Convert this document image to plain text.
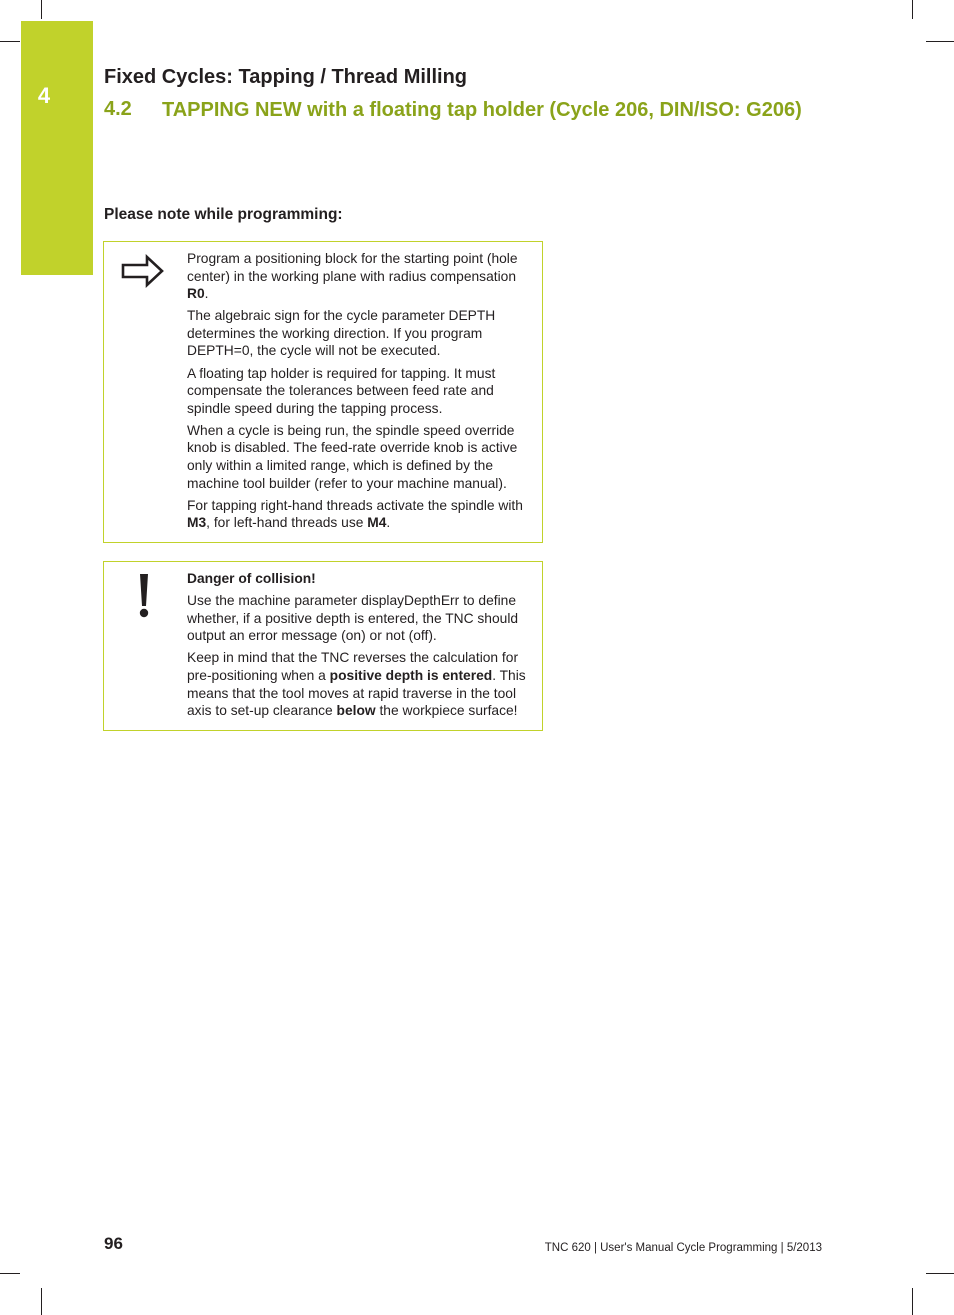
4
Fixed Cycles: Tapping / Thread Milling
4.2 TAPPING NEW with a floating tap holder (Cycle 206, DIN/ISO: G206)
Please note while programming:

Program a positioning block for the starting point (hole center) in the working plane with radius compensation R0.

The algebraic sign for the cycle parameter DEPTH determines the working direction. If you program DEPTH=0, the cycle will not be executed.

A floating tap holder is required for tapping. It must compensate the tolerances between feed rate and spindle speed during the tapping process.

When a cycle is being run, the spindle speed override knob is disabled. The feed-rate override knob is active only within a limited range, which is defined by the machine tool builder (refer to your machine manual).

For tapping right-hand threads activate the spindle with M3, for left-hand threads use M4.

Danger of collision!

Use the machine parameter displayDepthErr to define whether, if a positive depth is entered, the TNC should output an error message (on) or not (off).

Keep in mind that the TNC reverses the calculation for pre-positioning when a positive depth is entered. This means that the tool moves at rapid traverse in the tool axis to set-up clearance below the workpiece surface!

96	TNC 620 | User's Manual Cycle Programming | 5/2013
